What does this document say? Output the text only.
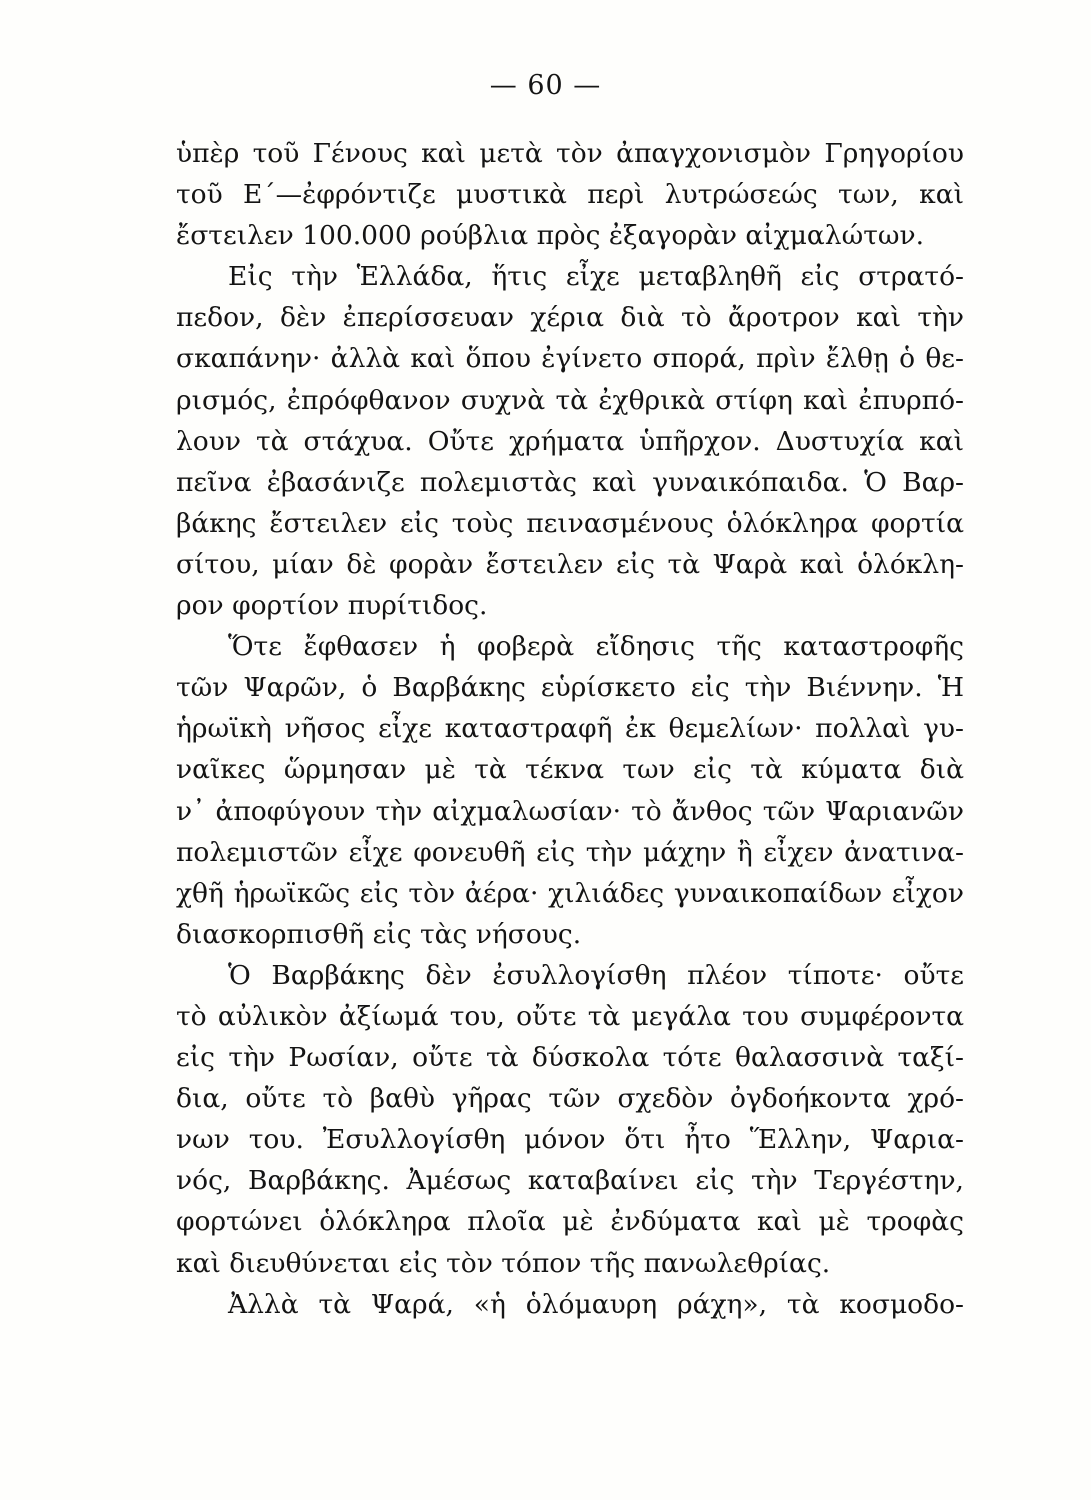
— 60 —
ὑπὲρ τοῦ Γένους καὶ μετὰ τὸν ἀπαγχονισμὸν Γρηγορίου
τοῦ Ε΄—ἐφρόντιζε μυστικὰ περὶ λυτρώσεώς των, καὶ
ἔστειλεν 100.000 ρούβλια πρὸς ἐξαγορὰν αἰχμαλώτων.
Εἰς τὴν Ἑλλάδα, ἥτις εἶχε μεταβληθῆ εἰς στρατό-
πεδον, δὲν ἐπερίσσευαν χέρια διὰ τὸ ἄροτρον καὶ τὴν
σκαπάνην· ἀλλὰ καὶ ὅπου ἐγίνετο σπορά, πρὶν ἔλθῃ ὁ θε-
ρισμός, ἐπρόφθανον συχνὰ τὰ ἐχθρικὰ στίφη καὶ ἐπυρπό-
λουν τὰ στάχυα. Οὔτε χρήματα ὑπῆρχον. Δυστυχία καὶ
πεῖνα ἐβασάνιζε πολεμιστὰς καὶ γυναικόπαιδα. Ὁ Βαρ-
βάκης ἔστειλεν εἰς τοὺς πεινασμένους ὁλόκληρα φορτία
σίτου, μίαν δὲ φορὰν ἔστειλεν εἰς τὰ Ψαρὰ καὶ ὁλόκλη-
ρον φορτίον πυρίτιδος.
Ὅτε ἔφθασεν ἡ φοβερὰ εἴδησις τῆς καταστροφῆς
τῶν Ψαρῶν, ὁ Βαρβάκης εὑρίσκετο εἰς τὴν Βιέννην. Ἡ
ἡρωϊκὴ νῆσος εἶχε καταστραφῆ ἐκ θεμελίων· πολλαὶ γυ-
ναῖκες ὥρμησαν μὲ τὰ τέκνα των εἰς τὰ κύματα διὰ
ν᾽ ἀποφύγουν τὴν αἰχμαλωσίαν· τὸ ἄνθος τῶν Ψαριανῶν
πολεμιστῶν εἶχε φονευθῆ εἰς τὴν μάχην ἢ εἶχεν ἀνατινα-
χθῆ ἡρωϊκῶς εἰς τὸν ἀέρα· χιλιάδες γυναικοπαίδων εἶχον
διασκορπισθῆ εἰς τὰς νήσους.
Ὁ Βαρβάκης δὲν ἐσυλλογίσθη πλέον τίποτε· οὔτε
τὸ αὐλικὸν ἀξίωμά του, οὔτε τὰ μεγάλα του συμφέροντα
εἰς τὴν Ρωσίαν, οὔτε τὰ δύσκολα τότε θαλασσινὰ ταξί-
δια, οὔτε τὸ βαθὺ γῆρας τῶν σχεδὸν ὀγδοήκοντα χρό-
νων του. Ἐσυλλογίσθη μόνον ὅτι ἦτο Ἕλλην, Ψαρια-
νός, Βαρβάκης. Ἀμέσως καταβαίνει εἰς τὴν Τεργέστην,
φορτώνει ὁλόκληρα πλοῖα μὲ ἐνδύματα καὶ μὲ τροφὰς
καὶ διευθύνεται εἰς τὸν τόπον τῆς πανωλεθρίας.
Ἀλλὰ τὰ Ψαρά, «ἡ ὁλόμαυρη ράχη», τὰ κοσμοδο-
